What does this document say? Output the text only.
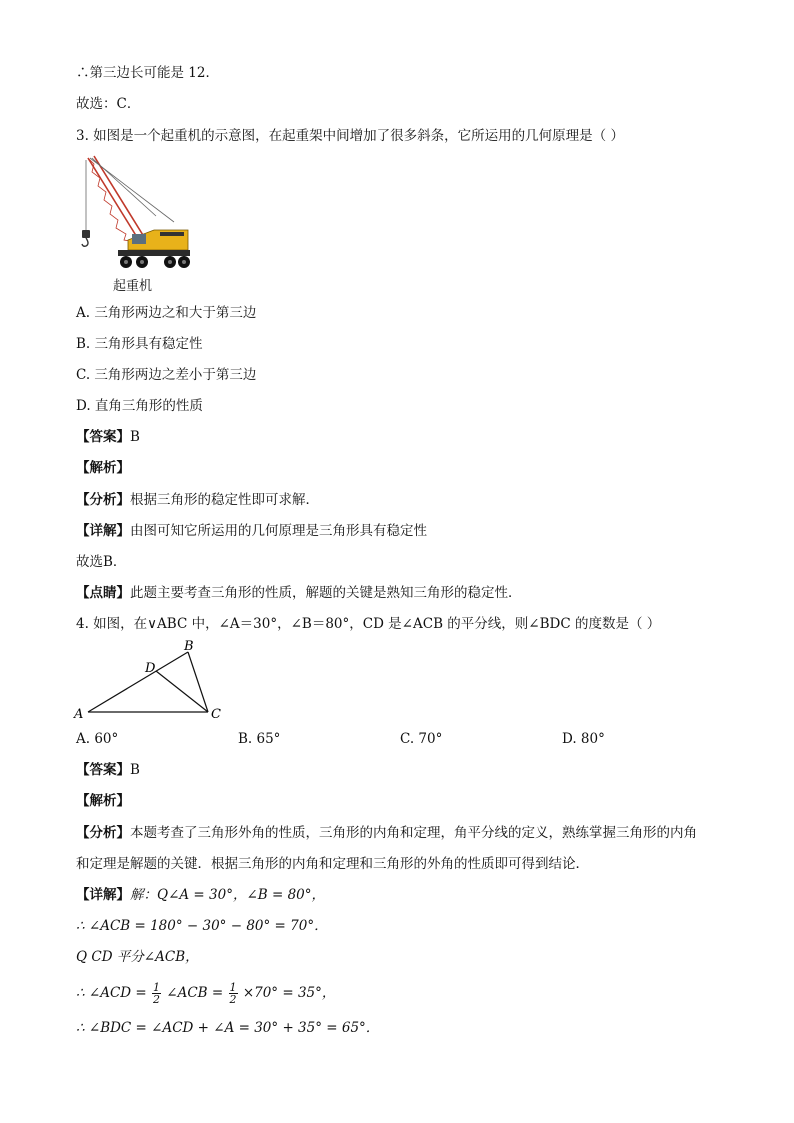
∴第三边长可能是 12．
故选：C．
3. 如图是一个起重机的示意图，在起重架中间增加了很多斜条，它所运用的几何原理是（ ）
起重机
A. 三角形两边之和大于第三边
B. 三角形具有稳定性
C. 三角形两边之差小于第三边
D. 直角三角形的性质
【答案】B
【解析】
【分析】根据三角形的稳定性即可求解．
【详解】由图可知它所运用的几何原理是三角形具有稳定性
故选B．
【点睛】此题主要考查三角形的性质，解题的关键是熟知三角形的稳定性．
4. 如图，在∨ABC 中，∠A＝30°，∠B＝80°，CD 是∠ACB 的平分线，则∠BDC 的度数是（ ）
A
B
C
D
A. 60°	B. 65°	C. 70°	D. 80°
【答案】B
【解析】
【分析】本题考查了三角形外角的性质，三角形的内角和定理，角平分线的定义，熟练掌握三角形的内角
和定理是解题的关键．根据三角形的内角和定理和三角形的外角的性质即可得到结论．
【详解】解：Q∠A = 30°，∠B = 80°，
∴ ∠ACB = 180° − 30° − 80° = 70°．
Q CD 平分∠ACB，
∴ ∠ACD = $\frac{1}{2}$ ∠ACB = $\frac{1}{2} \times 70^\circ = 35^\circ$，
∴ ∠BDC = ∠ACD + ∠A = 30° + 35° = 65°．
